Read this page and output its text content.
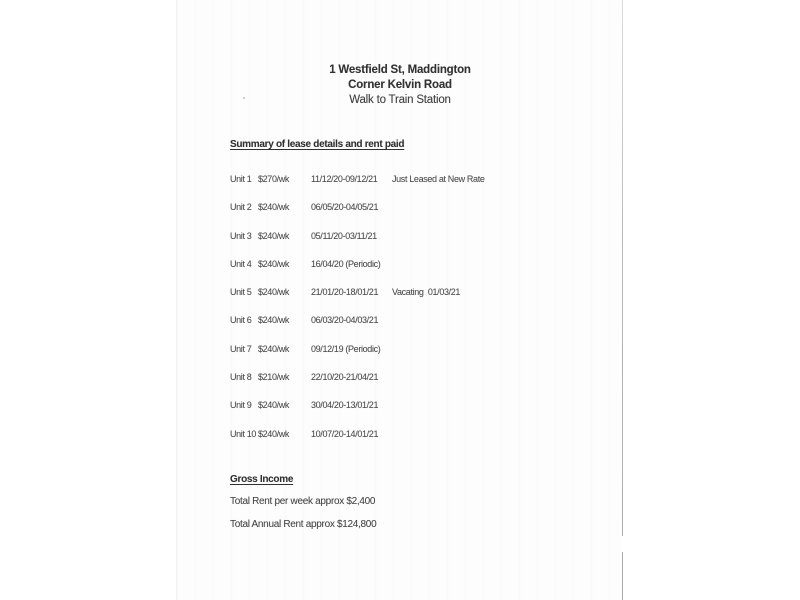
1 Westfield St, Maddington
Corner Kelvin Road
Walk to Train Station
Summary of lease details and rent paid
Unit 1 $270/wk 11/12/20-09/12/21 Just Leased at New Rate
Unit 2 $240/wk 06/05/20-04/05/21
Unit 3 $240/wk 05/11/20-03/11/21
Unit 4 $240/wk 16/04/20 (Periodic)
Unit 5 $240/wk 21/01/20-18/01/21 Vacating  01/03/21
Unit 6 $240/wk 06/03/20-04/03/21
Unit 7 $240/wk 09/12/19 (Periodic)
Unit 8 $210/wk 22/10/20-21/04/21
Unit 9 $240/wk 30/04/20-13/01/21
Unit 10 $240/wk 10/07/20-14/01/21
Gross Income
Total Rent per week approx $2,400
Total Annual Rent approx $124,800
